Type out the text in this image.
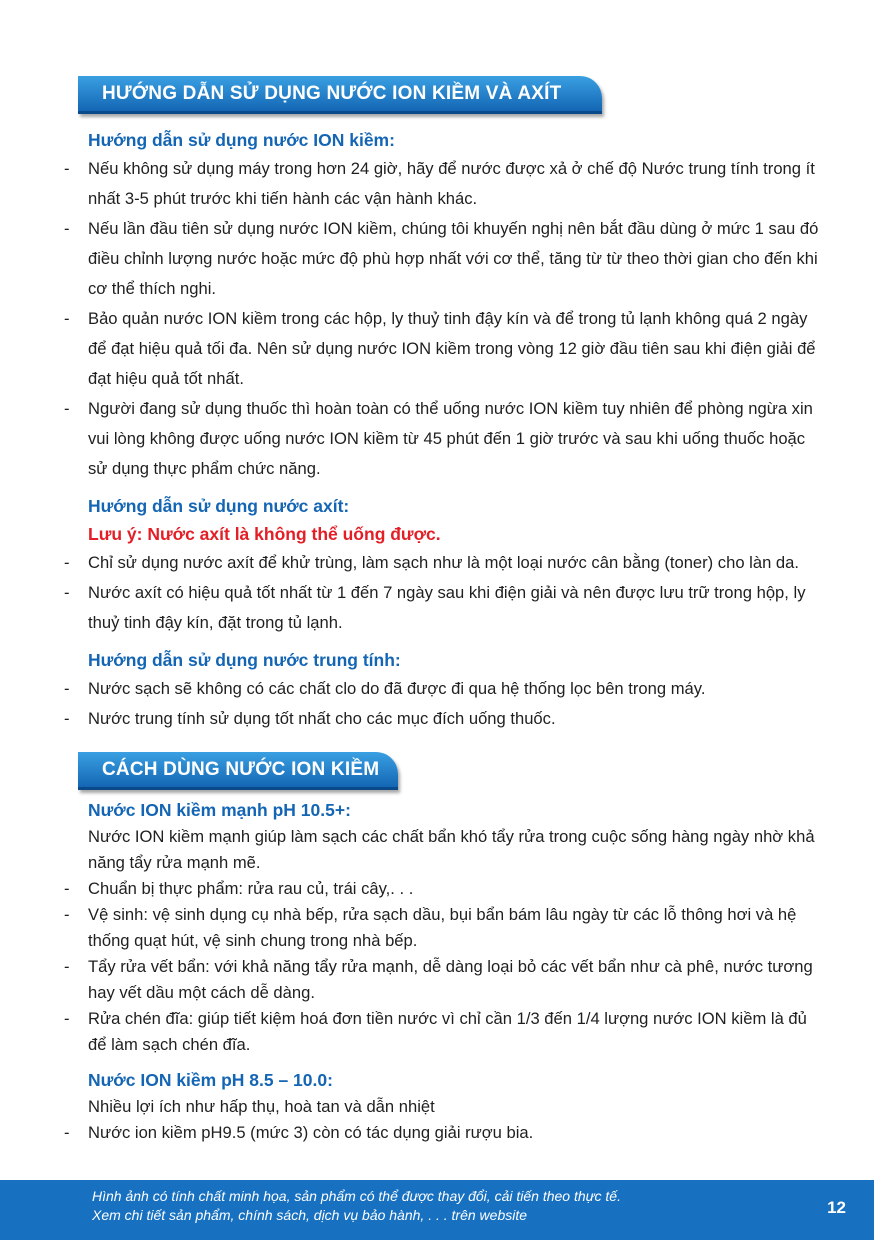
HƯỚNG DẪN SỬ DỤNG NƯỚC ION KIỀM VÀ AXÍT
Hướng dẫn sử dụng nước ION kiềm:
- Nếu không sử dụng máy trong hơn 24 giờ, hãy để nước được xả ở chế độ Nước trung tính trong ít nhất 3-5 phút trước khi tiến hành các vận hành khác.
- Nếu lần đầu tiên sử dụng nước ION kiềm, chúng tôi khuyến nghị nên bắt đầu dùng ở mức 1 sau đó điều chỉnh lượng nước hoặc mức độ phù hợp nhất với cơ thể, tăng từ từ theo thời gian cho đến khi cơ thể thích nghi.
- Bảo quản nước ION kiềm trong các hộp, ly thuỷ tinh đậy kín và để trong tủ lạnh không quá 2 ngày để đạt hiệu quả tối đa. Nên sử dụng nước ION kiềm trong vòng 12 giờ đầu tiên sau khi điện giải để đạt hiệu quả tốt nhất.
- Người đang sử dụng thuốc thì hoàn toàn có thể uống nước ION kiềm tuy nhiên để phòng ngừa xin vui lòng không được uống nước ION kiềm từ 45 phút đến 1 giờ trước và sau khi uống thuốc hoặc sử dụng thực phẩm chức năng.
Hướng dẫn sử dụng nước axít:
Lưu ý: Nước axít là không thể uống được.
- Chỉ sử dụng nước axít để khử trùng, làm sạch như là một loại nước cân bằng (toner) cho làn da.
- Nước axít có hiệu quả tốt nhất từ 1 đến 7 ngày sau khi điện giải và nên được lưu trữ trong hộp, ly thuỷ tinh đậy kín, đặt trong tủ lạnh.
Hướng dẫn sử dụng nước trung tính:
- Nước sạch sẽ không có các chất clo do đã được đi qua hệ thống lọc bên trong máy.
- Nước trung tính sử dụng tốt nhất cho các mục đích uống thuốc.
CÁCH DÙNG NƯỚC ION KIỀM
Nước ION kiềm mạnh pH 10.5+:
Nước ION kiềm mạnh giúp làm sạch các chất bẩn khó tẩy rửa trong cuộc sống hàng ngày nhờ khả năng tẩy rửa mạnh mẽ.
- Chuẩn bị thực phẩm: rửa rau củ, trái cây,. . .
- Vệ sinh: vệ sinh dụng cụ nhà bếp, rửa sạch dầu, bụi bẩn bám lâu ngày từ các lỗ thông hơi và hệ thống quạt hút, vệ sinh chung trong nhà bếp.
- Tẩy rửa vết bẩn: với khả năng tẩy rửa mạnh, dễ dàng loại bỏ các vết bẩn như cà phê, nước tương hay vết dầu một cách dễ dàng.
- Rửa chén đĩa: giúp tiết kiệm hoá đơn tiền nước vì chỉ cần 1/3 đến 1/4 lượng nước ION kiềm là đủ để làm sạch chén đĩa.
Nước ION kiềm pH 8.5 – 10.0:
Nhiều lợi ích như hấp thụ, hoà tan và dẫn nhiệt
- Nước ion kiềm pH9.5 (mức 3) còn có tác dụng giải rượu bia.
Hình ảnh có tính chất minh họa, sản phẩm có thể được thay đổi, cải tiến theo thực tế.
Xem chi tiết sản phẩm, chính sách, dịch vụ bảo hành, . . . trên website	12
